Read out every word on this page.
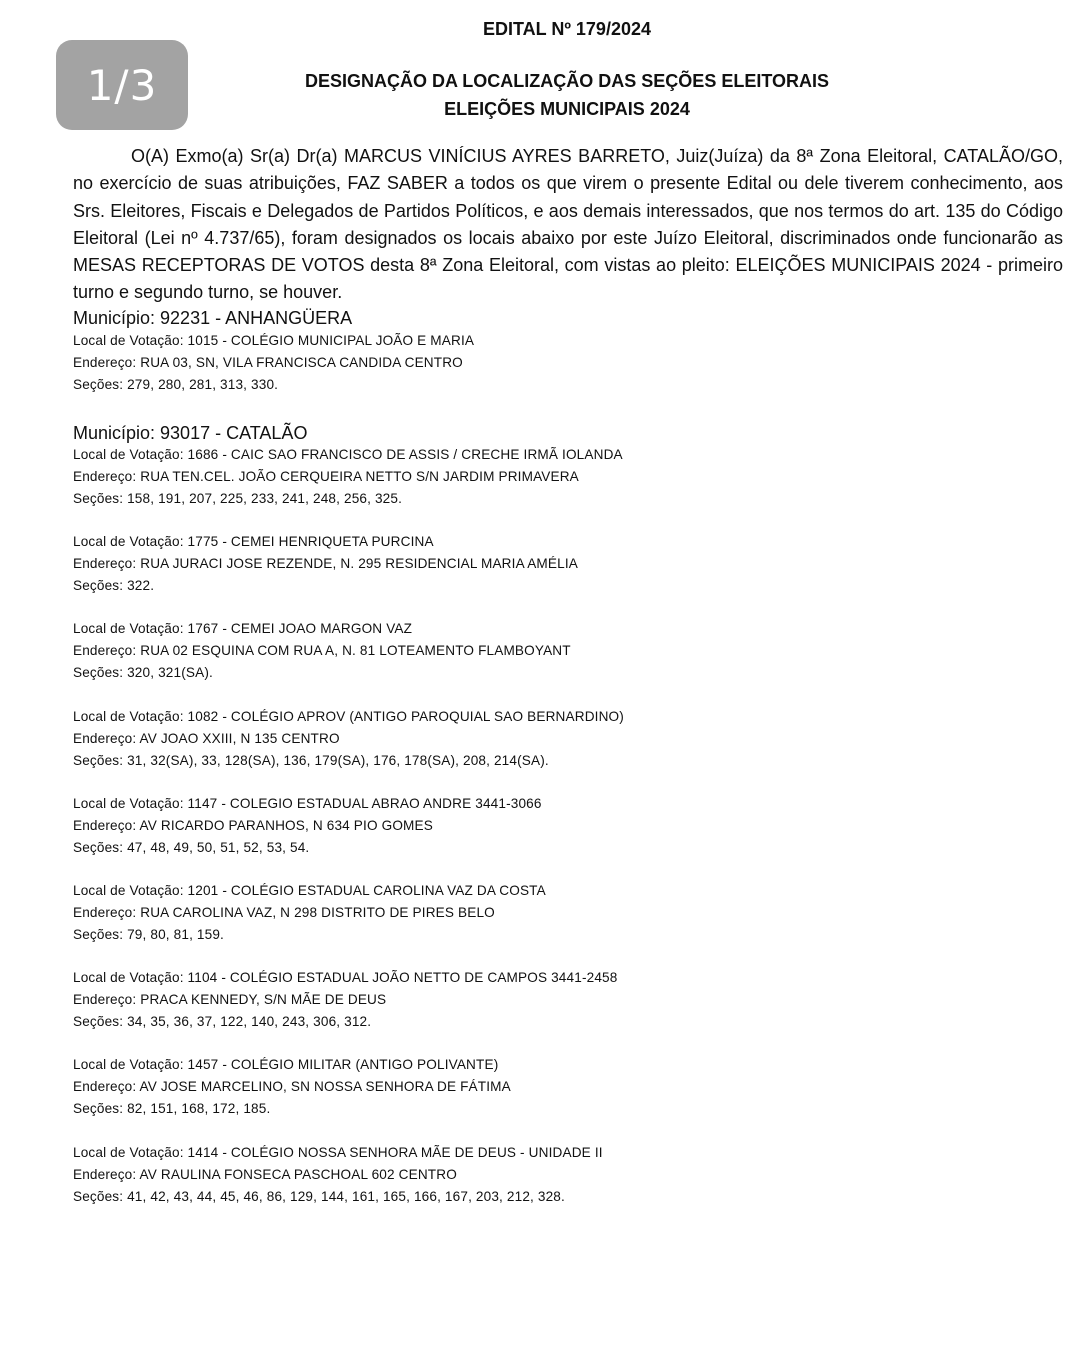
1/3
EDITAL Nº 179/2024
DESIGNAÇÃO DA LOCALIZAÇÃO DAS SEÇÕES ELEITORAIS
ELEIÇÕES MUNICIPAIS 2024

O(A) Exmo(a) Sr(a) Dr(a) MARCUS VINÍCIUS AYRES BARRETO, Juiz(Juíza) da 8ª Zona Eleitoral, CATALÃO/GO, no exercício de suas atribuições, FAZ SABER a todos os que virem o presente Edital ou dele tiverem conhecimento, aos Srs. Eleitores, Fiscais e Delegados de Partidos Políticos, e aos demais interessados, que nos termos do art. 135 do Código Eleitoral (Lei nº 4.737/65), foram designados os locais abaixo por este Juízo Eleitoral, discriminados onde funcionarão as MESAS RECEPTORAS DE VOTOS desta 8ª Zona Eleitoral, com vistas ao pleito: ELEIÇÕES MUNICIPAIS 2024 - primeiro turno e segundo turno, se houver.

Município: 92231 - ANHANGÜERA

Local de Votação: 1015 - COLÉGIO MUNICIPAL JOÃO E MARIA
Endereço: RUA 03, SN, VILA FRANCISCA CANDIDA CENTRO
Seções: 279, 280, 281, 313, 330.

Município: 93017 - CATALÃO

Local de Votação: 1686 - CAIC SAO FRANCISCO DE ASSIS / CRECHE IRMÃ IOLANDA
Endereço: RUA TEN.CEL. JOÃO CERQUEIRA NETTO S/N JARDIM PRIMAVERA
Seções: 158, 191, 207, 225, 233, 241, 248, 256, 325.
Local de Votação: 1775 - CEMEI HENRIQUETA PURCINA
Endereço: RUA JURACI JOSE REZENDE, N. 295 RESIDENCIAL MARIA AMÉLIA
Seções: 322.
Local de Votação: 1767 - CEMEI JOAO MARGON VAZ
Endereço: RUA 02 ESQUINA COM RUA A, N. 81 LOTEAMENTO FLAMBOYANT
Seções: 320, 321(SA).
Local de Votação: 1082 - COLÉGIO APROV (ANTIGO PAROQUIAL SAO BERNARDINO)
Endereço: AV JOAO XXIII, N 135 CENTRO
Seções: 31, 32(SA), 33, 128(SA), 136, 179(SA), 176, 178(SA), 208, 214(SA).
Local de Votação: 1147 - COLEGIO ESTADUAL ABRAO ANDRE 3441-3066
Endereço: AV RICARDO PARANHOS, N 634 PIO GOMES
Seções: 47, 48, 49, 50, 51, 52, 53, 54.
Local de Votação: 1201 - COLÉGIO ESTADUAL CAROLINA VAZ DA COSTA
Endereço: RUA CAROLINA VAZ, N 298 DISTRITO DE PIRES BELO
Seções: 79, 80, 81, 159.
Local de Votação: 1104 - COLÉGIO ESTADUAL JOÃO NETTO DE CAMPOS 3441-2458
Endereço: PRACA KENNEDY, S/N MÃE DE DEUS
Seções: 34, 35, 36, 37, 122, 140, 243, 306, 312.
Local de Votação: 1457 - COLÉGIO MILITAR (ANTIGO POLIVANTE)
Endereço: AV JOSE MARCELINO, SN NOSSA SENHORA DE FÁTIMA
Seções: 82, 151, 168, 172, 185.
Local de Votação: 1414 - COLÉGIO NOSSA SENHORA MÃE DE DEUS - UNIDADE II
Endereço: AV RAULINA FONSECA PASCHOAL 602 CENTRO
Seções: 41, 42, 43, 44, 45, 46, 86, 129, 144, 161, 165, 166, 167, 203, 212, 328.
